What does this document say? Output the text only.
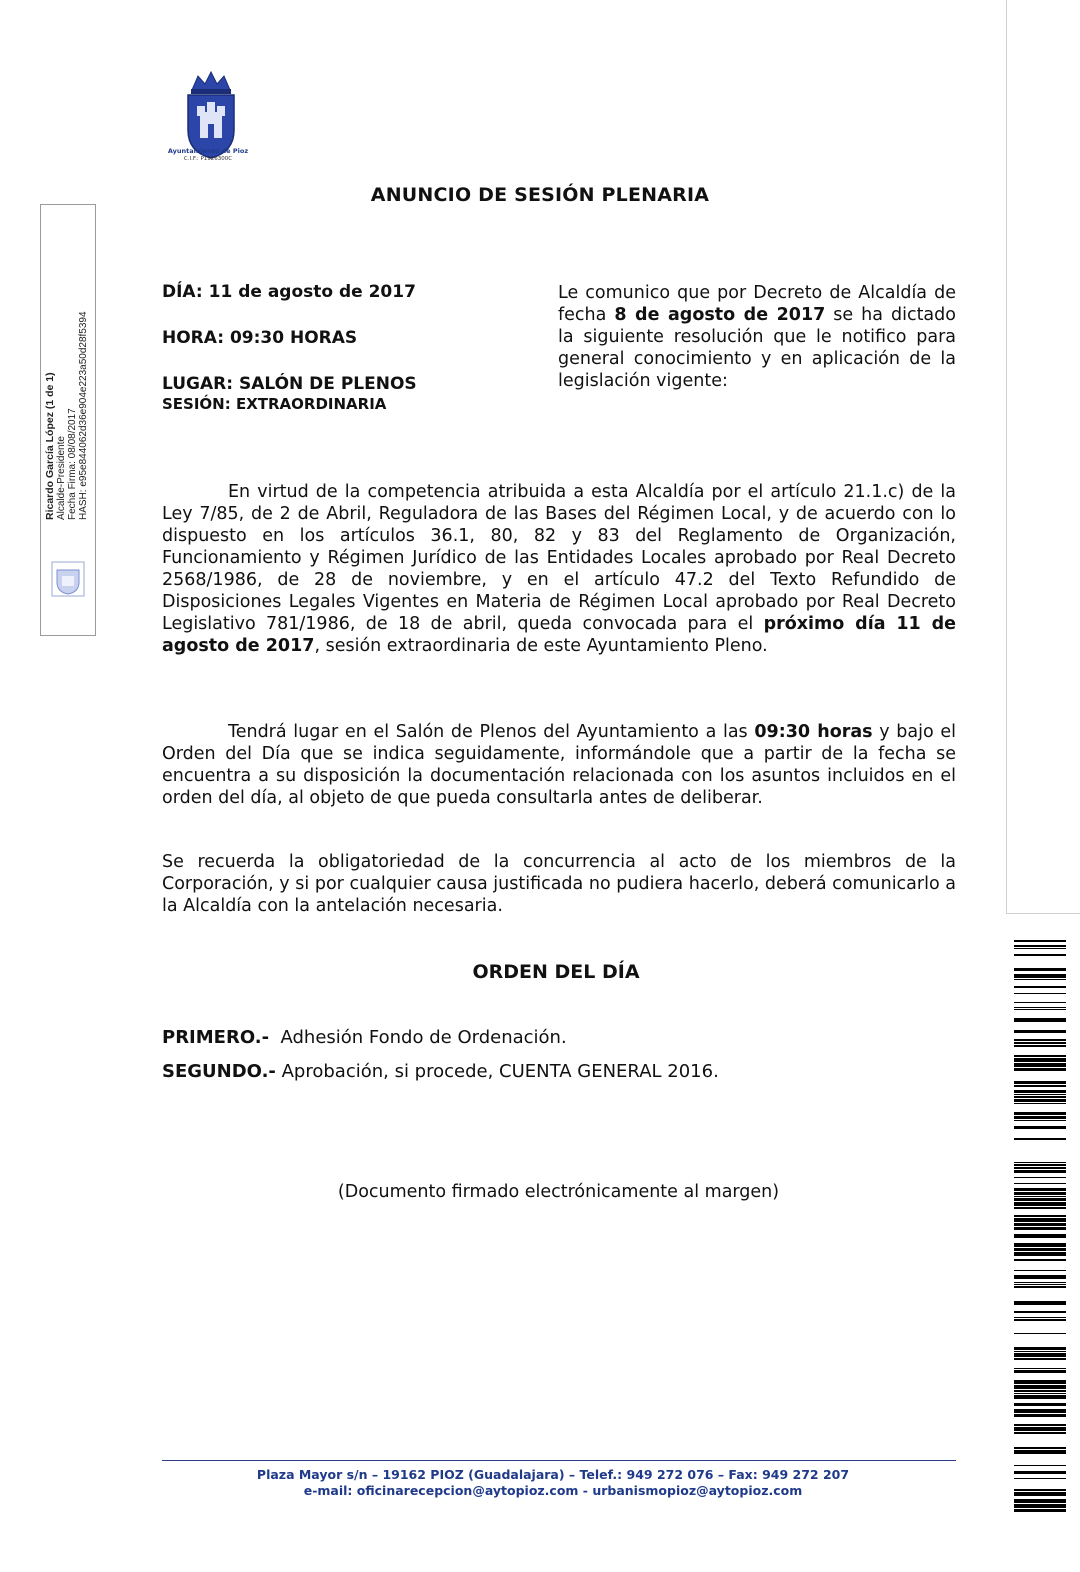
Ayuntamiento de Pioz
C.I.F.: P1926300C
ANUNCIO DE SESIÓN PLENARIA
Ricardo García López (1 de 1) Alcalde-Presidente Fecha Firma: 08/08/2017 HASH: e95e844062d36e904e223a50d28f5394
DÍA: 11 de agosto de 2017
HORA: 09:30 HORAS
LUGAR: SALÓN DE PLENOS
SESIÓN: EXTRAORDINARIA
Le comunico que por Decreto de Alcaldía de fecha 8 de agosto de 2017 se ha dictado la siguiente resolución que le notifico para general conocimiento y en aplicación de la legislación vigente:
En virtud de la competencia atribuida a esta Alcaldía por el artículo 21.1.c) de la Ley 7/85, de 2 de Abril, Reguladora de las Bases del Régimen Local, y de acuerdo con lo dispuesto en los artículos 36.1, 80, 82 y 83 del Reglamento de Organización, Funcionamiento y Régimen Jurídico de las Entidades Locales aprobado por Real Decreto 2568/1986, de 28 de noviembre, y en el artículo 47.2 del Texto Refundido de Disposiciones Legales Vigentes en Materia de Régimen Local aprobado por Real Decreto Legislativo 781/1986, de 18 de abril, queda convocada para el próximo día 11 de agosto de 2017, sesión extraordinaria de este Ayuntamiento Pleno.
Tendrá lugar en el Salón de Plenos del Ayuntamiento a las 09:30 horas y bajo el Orden del Día que se indica seguidamente, informándole que a partir de la fecha se encuentra a su disposición la documentación relacionada con los asuntos incluidos en el orden del día, al objeto de que pueda consultarla antes de deliberar.
Se recuerda la obligatoriedad de la concurrencia al acto de los miembros de la Corporación, y si por cualquier causa justificada no pudiera hacerlo, deberá comunicarlo a la Alcaldía con la antelación necesaria.
ORDEN DEL DÍA
PRIMERO.- Adhesión Fondo de Ordenación.
SEGUNDO.- Aprobación, si procede, CUENTA GENERAL 2016.
(Documento firmado electrónicamente al margen)
Plaza Mayor s/n – 19162 PIOZ (Guadalajara) – Telef.: 949 272 076 – Fax: 949 272 207
e-mail: oficinarecepcion@aytopioz.com - urbanismopioz@aytopioz.com
